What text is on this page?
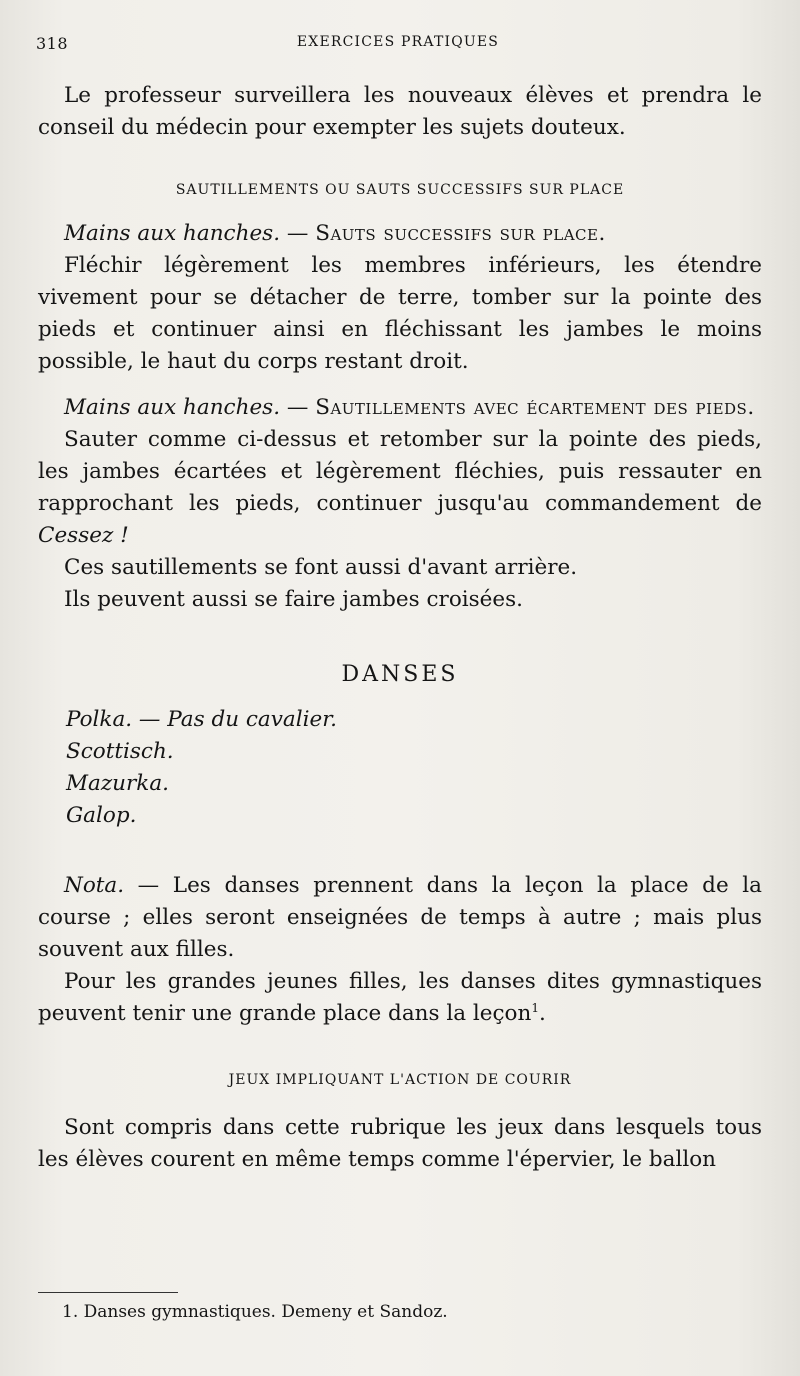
318	EXERCICES PRATIQUES

Le professeur surveillera les nouveaux élèves et prendra le conseil du médecin pour exempter les sujets douteux.

SAUTILLEMENTS OU SAUTS SUCCESSIFS SUR PLACE

Mains aux hanches. — Sauts successifs sur place.

Fléchir légèrement les membres inférieurs, les étendre vivement pour se détacher de terre, tomber sur la pointe des pieds et continuer ainsi en fléchissant les jambes le moins possible, le haut du corps restant droit.

Mains aux hanches. — Sautillements avec écartement des pieds.

Sauter comme ci-dessus et retomber sur la pointe des pieds, les jambes écartées et légèrement fléchies, puis ressauter en rapprochant les pieds, continuer jusqu'au commandement de Cessez !

Ces sautillements se font aussi d'avant arrière.

Ils peuvent aussi se faire jambes croisées.

DANSES
Polka. — Pas du cavalier.
Scottisch.
Mazurka.
Galop.

Nota. — Les danses prennent dans la leçon la place de la course ; elles seront enseignées de temps à autre ; mais plus souvent aux filles.

Pour les grandes jeunes filles, les danses dites gymnastiques peuvent tenir une grande place dans la leçon$^1$.

JEUX IMPLIQUANT L'ACTION DE COURIR

Sont compris dans cette rubrique les jeux dans lesquels tous les élèves courent en même temps comme l'épervier, le ballon

1. Danses gymnastiques. Demeny et Sandoz.
